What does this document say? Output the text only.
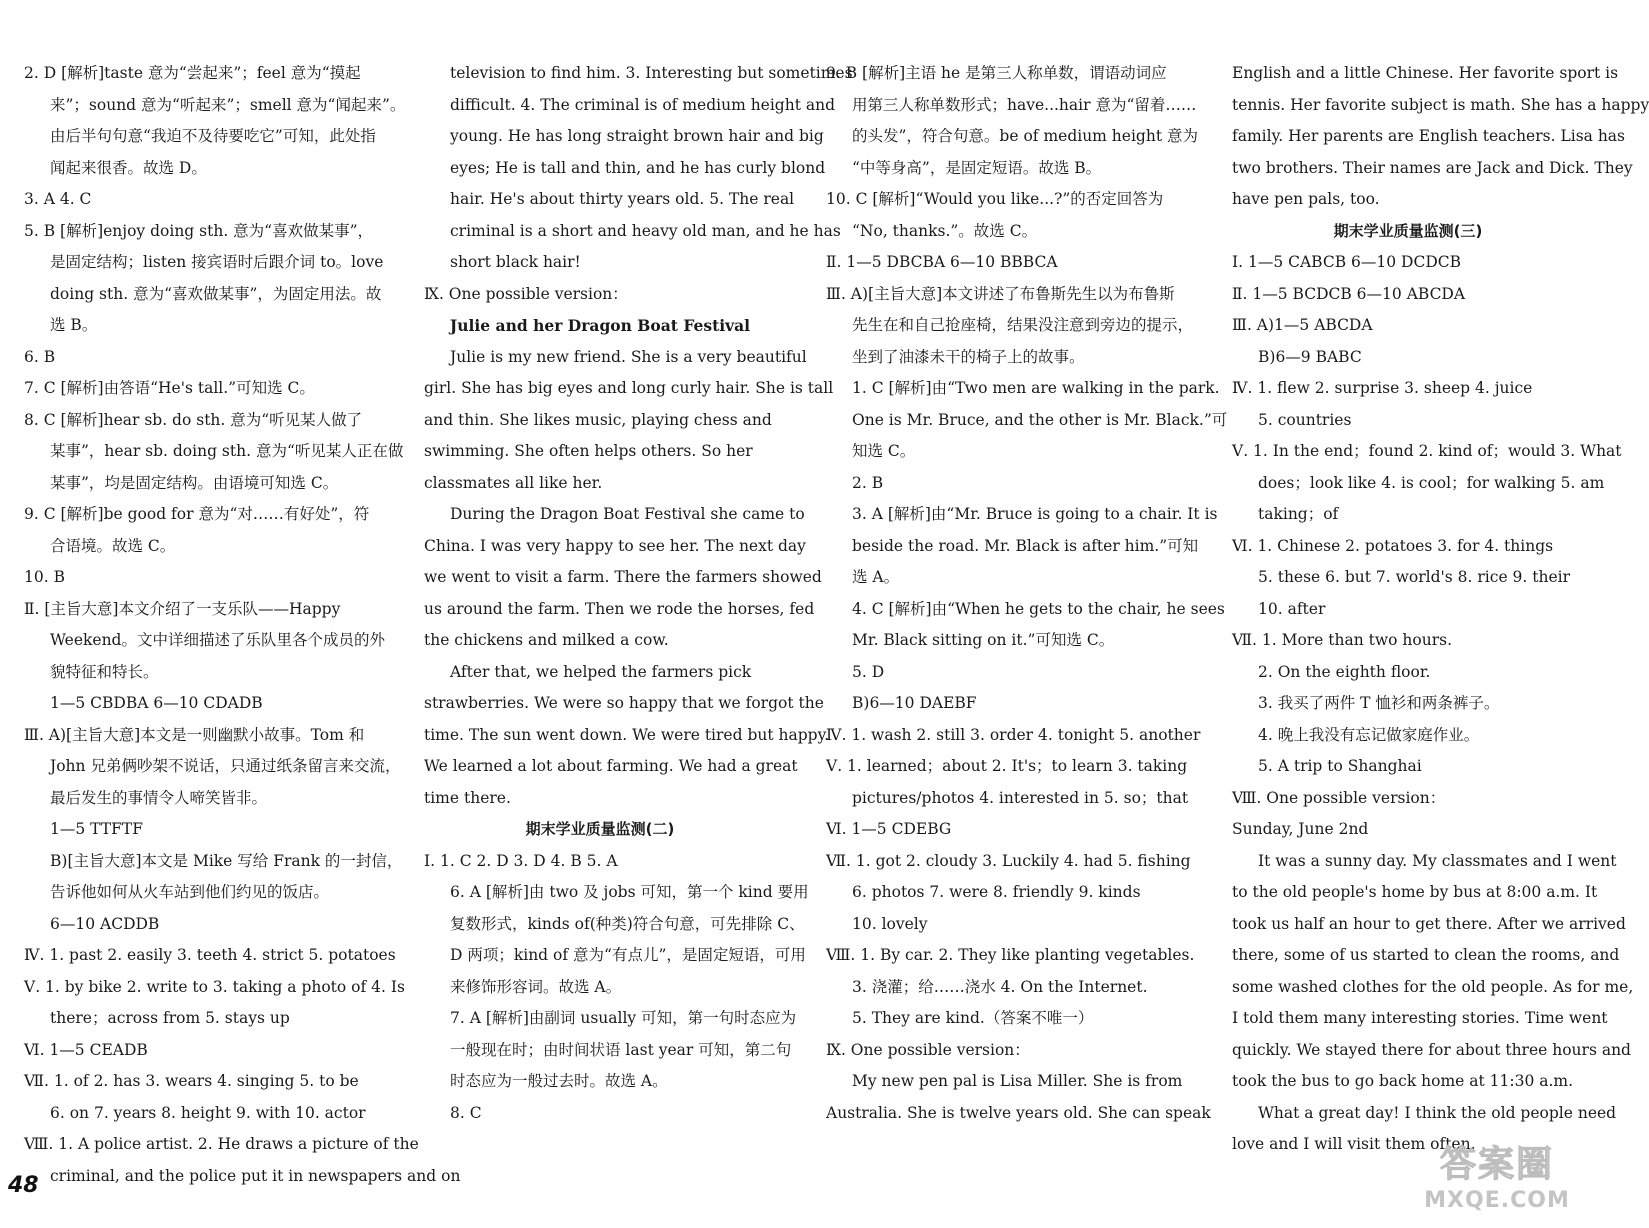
2. D [解析]taste 意为“尝起来”；feel 意为“摸起
来”；sound 意为“听起来”；smell 意为“闻起来”。
由后半句句意“我迫不及待要吃它”可知，此处指
闻起来很香。故选 D。
3. A 4. C
5. B [解析]enjoy doing sth. 意为“喜欢做某事”，
是固定结构；listen 接宾语时后跟介词 to。love
doing sth. 意为“喜欢做某事”，为固定用法。故
选 B。
6. B
7. C [解析]由答语“He's tall.”可知选 C。
8. C [解析]hear sb. do sth. 意为“听见某人做了
某事”，hear sb. doing sth. 意为“听见某人正在做
某事”，均是固定结构。由语境可知选 C。
9. C [解析]be good for 意为“对……有好处”，符
合语境。故选 C。
10. B
Ⅱ. [主旨大意]本文介绍了一支乐队——Happy
Weekend。文中详细描述了乐队里各个成员的外
貌特征和特长。
1—5 CBDBA 6—10 CDADB
Ⅲ. A)[主旨大意]本文是一则幽默小故事。Tom 和
John 兄弟俩吵架不说话，只通过纸条留言来交流，
最后发生的事情令人啼笑皆非。
1—5 TTFTF
B)[主旨大意]本文是 Mike 写给 Frank 的一封信，
告诉他如何从火车站到他们约见的饭店。
6—10 ACDDB
Ⅳ. 1. past 2. easily 3. teeth 4. strict 5. potatoes
Ⅴ. 1. by bike 2. write to 3. taking a photo of 4. Is
there；across from 5. stays up
Ⅵ. 1—5 CEADB
Ⅶ. 1. of 2. has 3. wears 4. singing 5. to be
6. on 7. years 8. height 9. with 10. actor
Ⅷ. 1. A police artist. 2. He draws a picture of the
criminal, and the police put it in newspapers and on
television to find him. 3. Interesting but sometimes
difficult. 4. The criminal is of medium height and
young. He has long straight brown hair and big
eyes; He is tall and thin, and he has curly blond
hair. He's about thirty years old. 5. The real
criminal is a short and heavy old man, and he has
short black hair!
Ⅸ. One possible version：
Julie and her Dragon Boat Festival
Julie is my new friend. She is a very beautiful
girl. She has big eyes and long curly hair. She is tall
and thin. She likes music, playing chess and
swimming. She often helps others. So her
classmates all like her.
During the Dragon Boat Festival she came to
China. I was very happy to see her. The next day
we went to visit a farm. There the farmers showed
us around the farm. Then we rode the horses, fed
the chickens and milked a cow.
After that, we helped the farmers pick
strawberries. We were so happy that we forgot the
time. The sun went down. We were tired but happy.
We learned a lot about farming. We had a great
time there.
期末学业质量监测(二)
Ⅰ. 1. C 2. D 3. D 4. B 5. A
6. A [解析]由 two 及 jobs 可知，第一个 kind 要用
复数形式，kinds of(种类)符合句意，可先排除 C、
D 两项；kind of 意为“有点儿”，是固定短语，可用
来修饰形容词。故选 A。
7. A [解析]由副词 usually 可知，第一句时态应为
一般现在时；由时间状语 last year 可知，第二句
时态应为一般过去时。故选 A。
8. C
9. B [解析]主语 he 是第三人称单数，谓语动词应
用第三人称单数形式；have...hair 意为“留着……
的头发”，符合句意。be of medium height 意为
“中等身高”，是固定短语。故选 B。
10. C [解析]“Would you like...?”的否定回答为
“No, thanks.”。故选 C。
Ⅱ. 1—5 DBCBA 6—10 BBBCA
Ⅲ. A)[主旨大意]本文讲述了布鲁斯先生以为布鲁斯
先生在和自己抢座椅，结果没注意到旁边的提示，
坐到了油漆未干的椅子上的故事。
1. C [解析]由“Two men are walking in the park.
One is Mr. Bruce, and the other is Mr. Black.”可
知选 C。
2. B
3. A [解析]由“Mr. Bruce is going to a chair. It is
beside the road. Mr. Black is after him.”可知
选 A。
4. C [解析]由“When he gets to the chair, he sees
Mr. Black sitting on it.”可知选 C。
5. D
B)6—10 DAEBF
Ⅳ. 1. wash 2. still 3. order 4. tonight 5. another
Ⅴ. 1. learned；about 2. It's；to learn 3. taking
pictures/photos 4. interested in 5. so；that
Ⅵ. 1—5 CDEBG
Ⅶ. 1. got 2. cloudy 3. Luckily 4. had 5. fishing
6. photos 7. were 8. friendly 9. kinds
10. lovely
Ⅷ. 1. By car. 2. They like planting vegetables.
3. 浇灌；给……浇水 4. On the Internet.
5. They are kind.（答案不唯一）
Ⅸ. One possible version：
My new pen pal is Lisa Miller. She is from
Australia. She is twelve years old. She can speak
English and a little Chinese. Her favorite sport is
tennis. Her favorite subject is math. She has a happy
family. Her parents are English teachers. Lisa has
two brothers. Their names are Jack and Dick. They
have pen pals, too.
期末学业质量监测(三)
Ⅰ. 1—5 CABCB 6—10 DCDCB
Ⅱ. 1—5 BCDCB 6—10 ABCDA
Ⅲ. A)1—5 ABCDA
B)6—9 BABC
Ⅳ. 1. flew 2. surprise 3. sheep 4. juice
5. countries
Ⅴ. 1. In the end；found 2. kind of；would 3. What
does；look like 4. is cool；for walking 5. am
taking；of
Ⅵ. 1. Chinese 2. potatoes 3. for 4. things
5. these 6. but 7. world's 8. rice 9. their
10. after
Ⅶ. 1. More than two hours.
2. On the eighth floor.
3. 我买了两件 T 恤衫和两条裤子。
4. 晚上我没有忘记做家庭作业。
5. A trip to Shanghai
Ⅷ. One possible version：
Sunday, June 2nd
It was a sunny day. My classmates and I went
to the old people's home by bus at 8:00 a.m. It
took us half an hour to get there. After we arrived
there, some of us started to clean the rooms, and
some washed clothes for the old people. As for me,
I told them many interesting stories. Time went
quickly. We stayed there for about three hours and
took the bus to go back home at 11:30 a.m.
What a great day! I think the old people need
love and I will visit them often.
48
答案圈
MXQE.COM
